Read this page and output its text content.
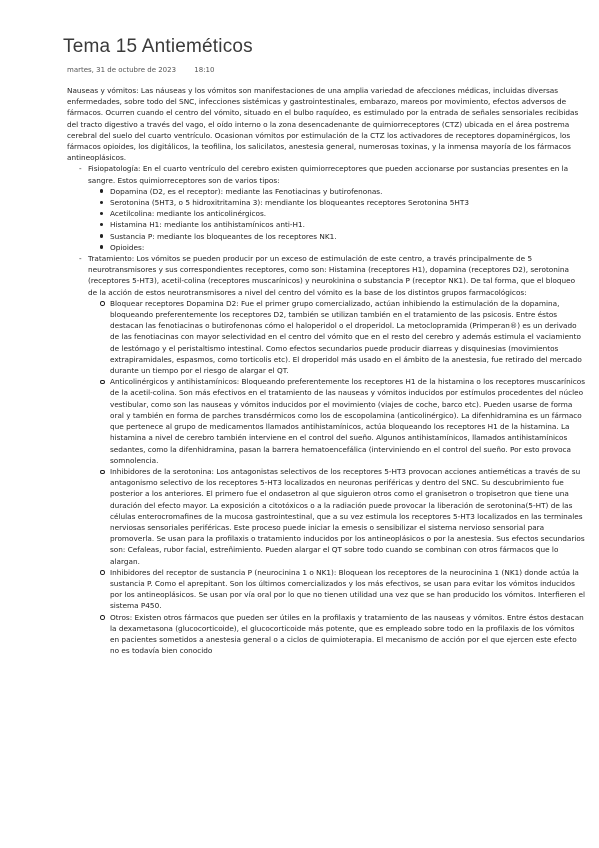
Tema 15 Antieméticos
martes, 31 de octubre de 2023	18:10

Nauseas y vómitos: Las náuseas y los vómitos son manifestaciones de una amplia variedad de afecciones médicas, incluidas diversas enfermedades, sobre todo del SNC, infecciones sistémicas y gastrointestinales, embarazo, mareos por movimiento, efectos adversos de fármacos. Ocurren cuando el centro del vómito, situado en el bulbo raquídeo, es estimulado por la entrada de señales sensoriales recibidas del tracto digestivo a través del vago, el oído interno o la zona desencadenante de quimiorreceptores (CTZ) ubicada en el área postrema cerebral del suelo del cuarto ventrículo. Ocasionan vómitos por estimulación de la CTZ los activadores de receptores dopaminérgicos, los fármacos opioides, los digitálicos, la teofilina, los salicilatos, anestesia general, numerosas toxinas, y la inmensa mayoría de los fármacos antineoplásicos.

- Fisiopatología: En el cuarto ventrículo del cerebro existen quimiorreceptores que pueden accionarse por sustancias presentes en la sangre. Estos quimiorreceptores son de varios tipos:
Dopamina (D2, es el receptor): mediante las Fenotiacinas y butirofenonas.
Serotonina (5HT3, o 5 hidroxitritamina 3): mendiante los bloqueantes receptores Serotonina 5HT3
Acetilcolina: mediante los anticolinérgicos.
Histamina H1: mediante los antihistamínicos anti-H1.
Sustancia P: mediante los bloqueantes de los receptores NK1.
Opioides:
- Tratamiento: Los vómitos se pueden producir por un exceso de estimulación de este centro, a través principalmente de 5 neurotransmisores y sus correspondientes receptores, como son: Histamina (receptores H1), dopamina (receptores D2), serotonina (receptores 5-HT3), acetil-colina (receptores muscarínicos) y neurokinina o substancia P (receptor NK1). De tal forma, que el bloqueo de la acción de estos neurotransmisores a nivel del centro del vómito es la base de los distintos grupos farmacológicos:
Bloquear receptores Dopamina D2: Fue el primer grupo comercializado, actúan inhibiendo la estimulación de la dopamina, bloqueando preferentemente los receptores D2, también se utilizan también en el tratamiento de las psicosis. Entre éstos destacan las fenotiacinas o butirofenonas cómo el haloperidol o el droperidol. La metoclopramida (Primperan®) es un derivado de las fenotiacinas con mayor selectividad en el centro del vómito que en el resto del cerebro y además estimula el vaciamiento de lestómago y el peristaltismo intestinal. Como efectos secundarios puede producir diarreas y disquinesias (movimientos extrapiramidales, espasmos, como torticolis etc). El droperidol más usado en el ámbito de la anestesia, fue retirado del mercado durante un tiempo por el riesgo de alargar el QT.
Anticolinérgicos y antihistamínicos: Bloqueando preferentemente los receptores H1 de la histamina o los receptores muscarínicos de la acetil-colina. Son más efectivos en el tratamiento de las nauseas y vómitos inducidos por estímulos procedentes del núcleo vestibular, como son las nauseas y vómitos inducidos por el movimiento (viajes de coche, barco etc). Pueden usarse de forma oral y también en forma de parches transdérmicos como los de escopolamina (anticolinérgico). La difenhidramina es un fármaco que pertenece al grupo de medicamentos llamados antihistamínicos, actúa bloqueando los receptores H1 de la histamina. La histamina a nivel de cerebro también interviene en el control del sueño. Algunos antihistamínicos, llamados antihistamínicos sedantes, como la difenhidramina, pasan la barrera hematoencefálica (interviniendo en el control del sueño. Por esto provoca somnolencia.
Inhibidores de la serotonina: Los antagonistas selectivos de los receptores 5-HT3 provocan acciones antieméticas a través de su antagonismo selectivo de los receptores 5-HT3 localizados en neuronas periféricas y dentro del SNC. Su descubrimiento fue posterior a los anteriores. El primero fue el ondasetron al que siguieron otros como el granisetron o tropisetron que tiene una duración del efecto mayor. La exposición a citotóxicos o a la radiación puede provocar la liberación de serotonina(5-HT) de las células enterocromafines de la mucosa gastrointestinal, que a su vez estimula los receptores 5-HT3 localizados en las terminales nerviosas sensoriales periféricas. Este proceso puede iniciar la emesis o sensibilizar el sistema nervioso sensorial para promoverla. Se usan para la profilaxis o tratamiento inducidos por los antineoplásicos o por la anestesia. Sus efectos secundarios son: Cefaleas, rubor facial, estreñimiento. Pueden alargar el QT sobre todo cuando se combinan con otros fármacos que lo alargan.
Inhibidores del receptor de sustancia P (neurocinina 1 o NK1): Bloquean los receptores de la neurocinina 1 (NK1) donde actúa la sustancia P. Como el aprepitant. Son los últimos comercializados y los más efectivos, se usan para evitar los vómitos inducidos por los antineoplásicos. Se usan por vía oral por lo que no tienen utilidad una vez que se han producido los vómitos. Interfieren el sistema P450.
Otros: Existen otros fármacos que pueden ser útiles en la profilaxis y tratamiento de las nauseas y vómitos. Entre éstos destacan la dexametasona (glucocorticoide), el glucocorticoide más potente, que es empleado sobre todo en la profilaxis de los vómitos en pacientes sometidos a anestesia general o a ciclos de quimioterapia. El mecanismo de acción por el que ejercen este efecto no es todavía bien conocido
